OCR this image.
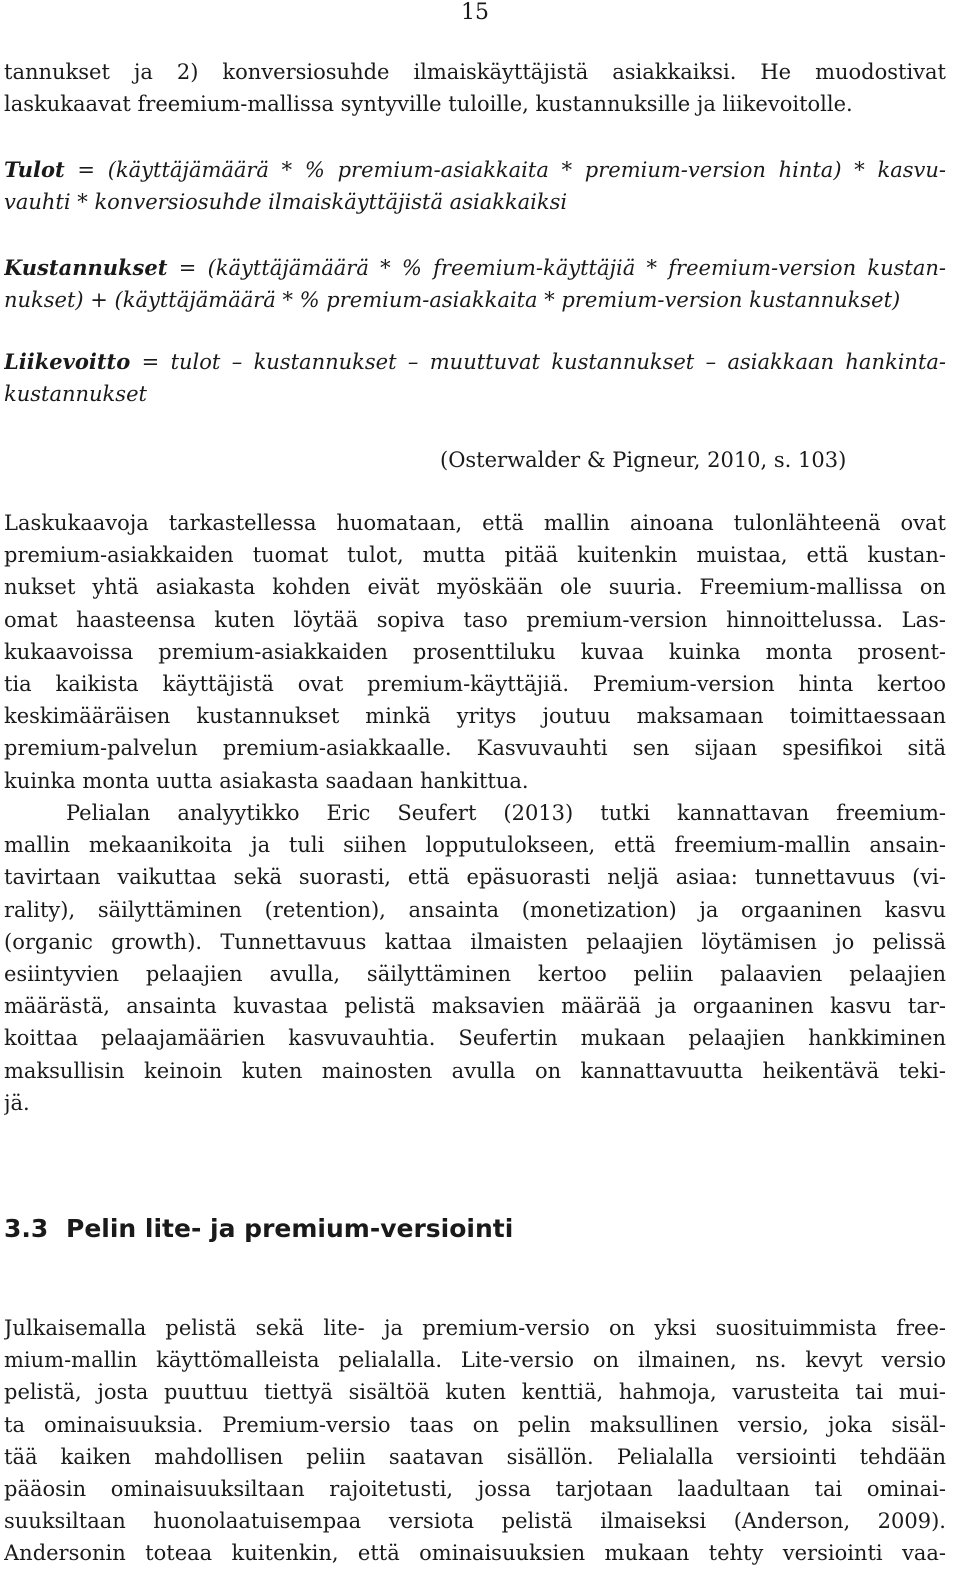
15
tannukset ja 2) konversiosuhde ilmaiskäyttäjistä asiakkaiksi. He muodostivat
laskukaavat freemium-mallissa syntyville tuloille, kustannuksille ja liikevoitolle.
Tulot = (käyttäjämäärä * % premium-asiakkaita * premium-version hinta) * kasvu-
vauhti * konversiosuhde ilmaiskäyttäjistä asiakkaiksi
Kustannukset = (käyttäjämäärä * % freemium-käyttäjiä * freemium-version kustan-
nukset) + (käyttäjämäärä * % premium-asiakkaita * premium-version kustannukset)
Liikevoitto = tulot – kustannukset – muuttuvat kustannukset – asiakkaan hankinta-
kustannukset
(Osterwalder & Pigneur, 2010, s. 103)
Laskukaavoja tarkastellessa huomataan, että mallin ainoana tulonlähteenä ovat
premium-asiakkaiden tuomat tulot, mutta pitää kuitenkin muistaa, että kustan-
nukset yhtä asiakasta kohden eivät myöskään ole suuria. Freemium-mallissa on
omat haasteensa kuten löytää sopiva taso premium-version hinnoittelussa. Las-
kukaavoissa premium-asiakkaiden prosenttiluku kuvaa kuinka monta prosent-
tia kaikista käyttäjistä ovat premium-käyttäjiä. Premium-version hinta kertoo
keskimääräisen kustannukset minkä yritys joutuu maksamaan toimittaessaan
premium-palvelun premium-asiakkaalle. Kasvuvauhti sen sijaan spesifikoi sitä
kuinka monta uutta asiakasta saadaan hankittua.
Pelialan analyytikko Eric Seufert (2013) tutki kannattavan freemium-
mallin mekaanikoita ja tuli siihen lopputulokseen, että freemium-mallin ansain-
tavirtaan vaikuttaa sekä suorasti, että epäsuorasti neljä asiaa: tunnettavuus (vi-
rality), säilyttäminen (retention), ansainta (monetization) ja orgaaninen kasvu
(organic growth). Tunnettavuus kattaa ilmaisten pelaajien löytämisen jo pelissä
esiintyvien pelaajien avulla, säilyttäminen kertoo peliin palaavien pelaajien
määrästä, ansainta kuvastaa pelistä maksavien määrää ja orgaaninen kasvu tar-
koittaa pelaajamäärien kasvuvauhtia. Seufertin mukaan pelaajien hankkiminen
maksullisin keinoin kuten mainosten avulla on kannattavuutta heikentävä teki-
jä.
3.3 Pelin lite- ja premium-versiointi
Julkaisemalla pelistä sekä lite- ja premium-versio on yksi suosituimmista free-
mium-mallin käyttömalleista pelialalla. Lite-versio on ilmainen, ns. kevyt versio
pelistä, josta puuttuu tiettyä sisältöä kuten kenttiä, hahmoja, varusteita tai mui-
ta ominaisuuksia. Premium-versio taas on pelin maksullinen versio, joka sisäl-
tää kaiken mahdollisen peliin saatavan sisällön. Pelialalla versiointi tehdään
pääosin ominaisuuksiltaan rajoitetusti, jossa tarjotaan laadultaan tai ominai-
suuksiltaan huonolaatuisempaa versiota pelistä ilmaiseksi (Anderson, 2009).
Andersonin toteaa kuitenkin, että ominaisuuksien mukaan tehty versiointi vaa-
